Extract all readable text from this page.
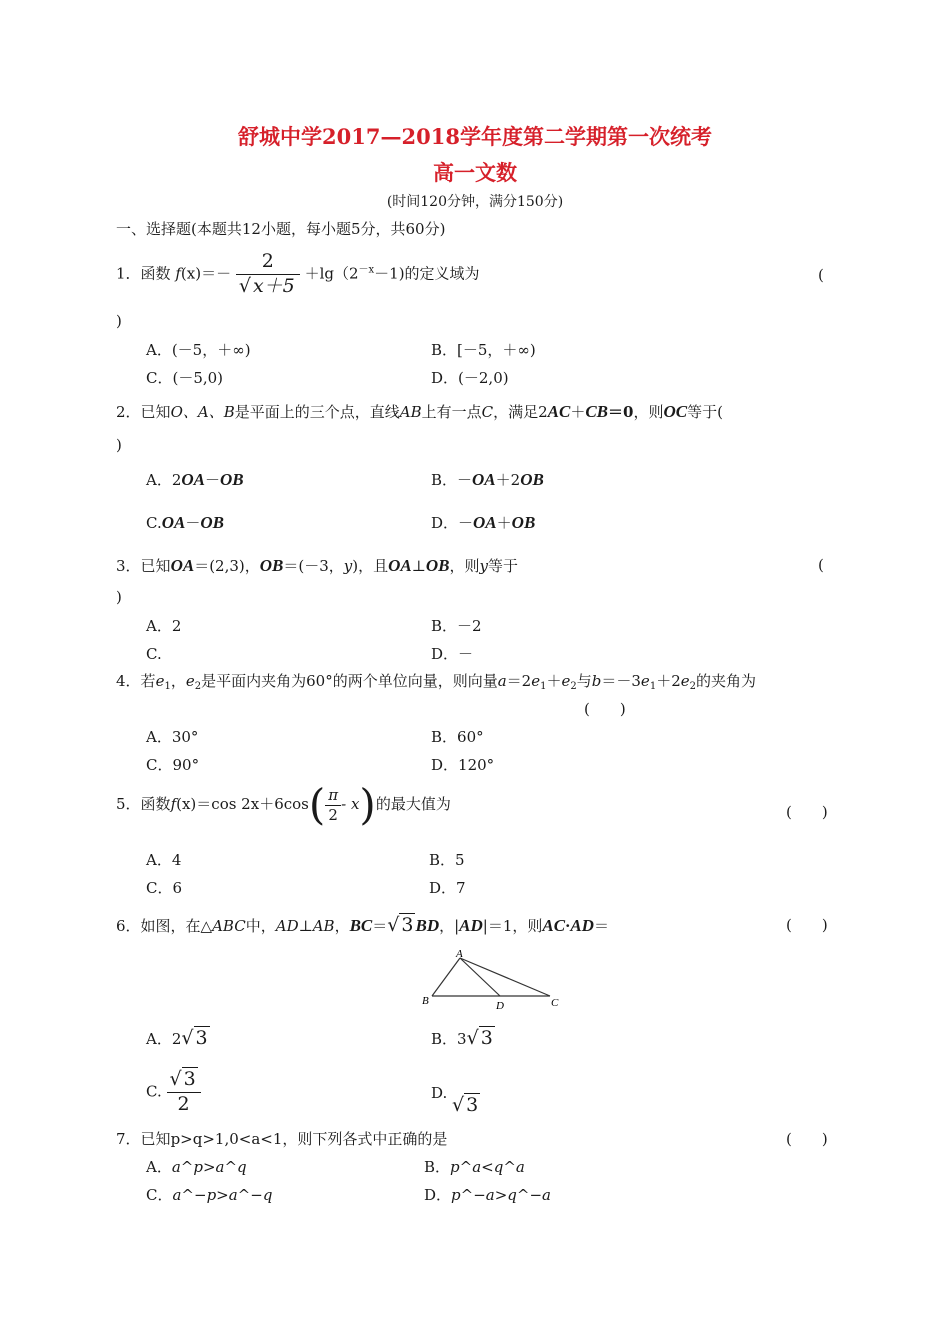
舒城中学2017—2018学年度第二学期第一次统考
高一文数
(时间120分钟，满分150分)
一、选择题(本题共12小题，每小题5分，共60分)
1．函数 $f(x)=- \frac{2}{√ x+5} +\lg(2^{-x}-1)$的定义域为	(
)
A．(－5，＋∞)	B．[－5，＋∞)
C．(－5,0)	D．(－2,0)
2．已知O、A、B是平面上的三个点，直线AB上有一点C，满足2AC＋CB＝0，则OC等于(
)
A．2OA－OB	B．－OA＋2OB
C.OA－OB	D．－OA＋OB
3．已知OA＝(2,3)，OB＝(－3，y)，且OA⊥OB，则y等于	(
)
A．2	B．－2
C.	D．－
4．若$e_1$，$e_2$是平面内夹角为60°的两个单位向量，则向量$a=2e_1+e_2$与$b=-3e_1+2e_2$的夹角为
(　　)
A．30°	B．60°
C．90°	D．120°
5．函数f(x)＝cos $2x+6\cos( \frac{\pi}{2} - x)$的最大值为	(　　)
A．4	B．5
C．6	D．7
6．如图，在△ABC中，AD⊥AB，BC＝√ 3 BD，|AD|＝1，则AC·AD＝	(　　)
A
B	D	C
A．2√ 3	B．3√ 3
C. $\frac{√ 3}{2}$	D.
√ 3
7．已知p>q>1,0<a<1，则下列各式中正确的是	(　　)
A．a^p>a^q	B．p^a<q^a
C．a^−p>a^−q	D．p^−a>q^−a
